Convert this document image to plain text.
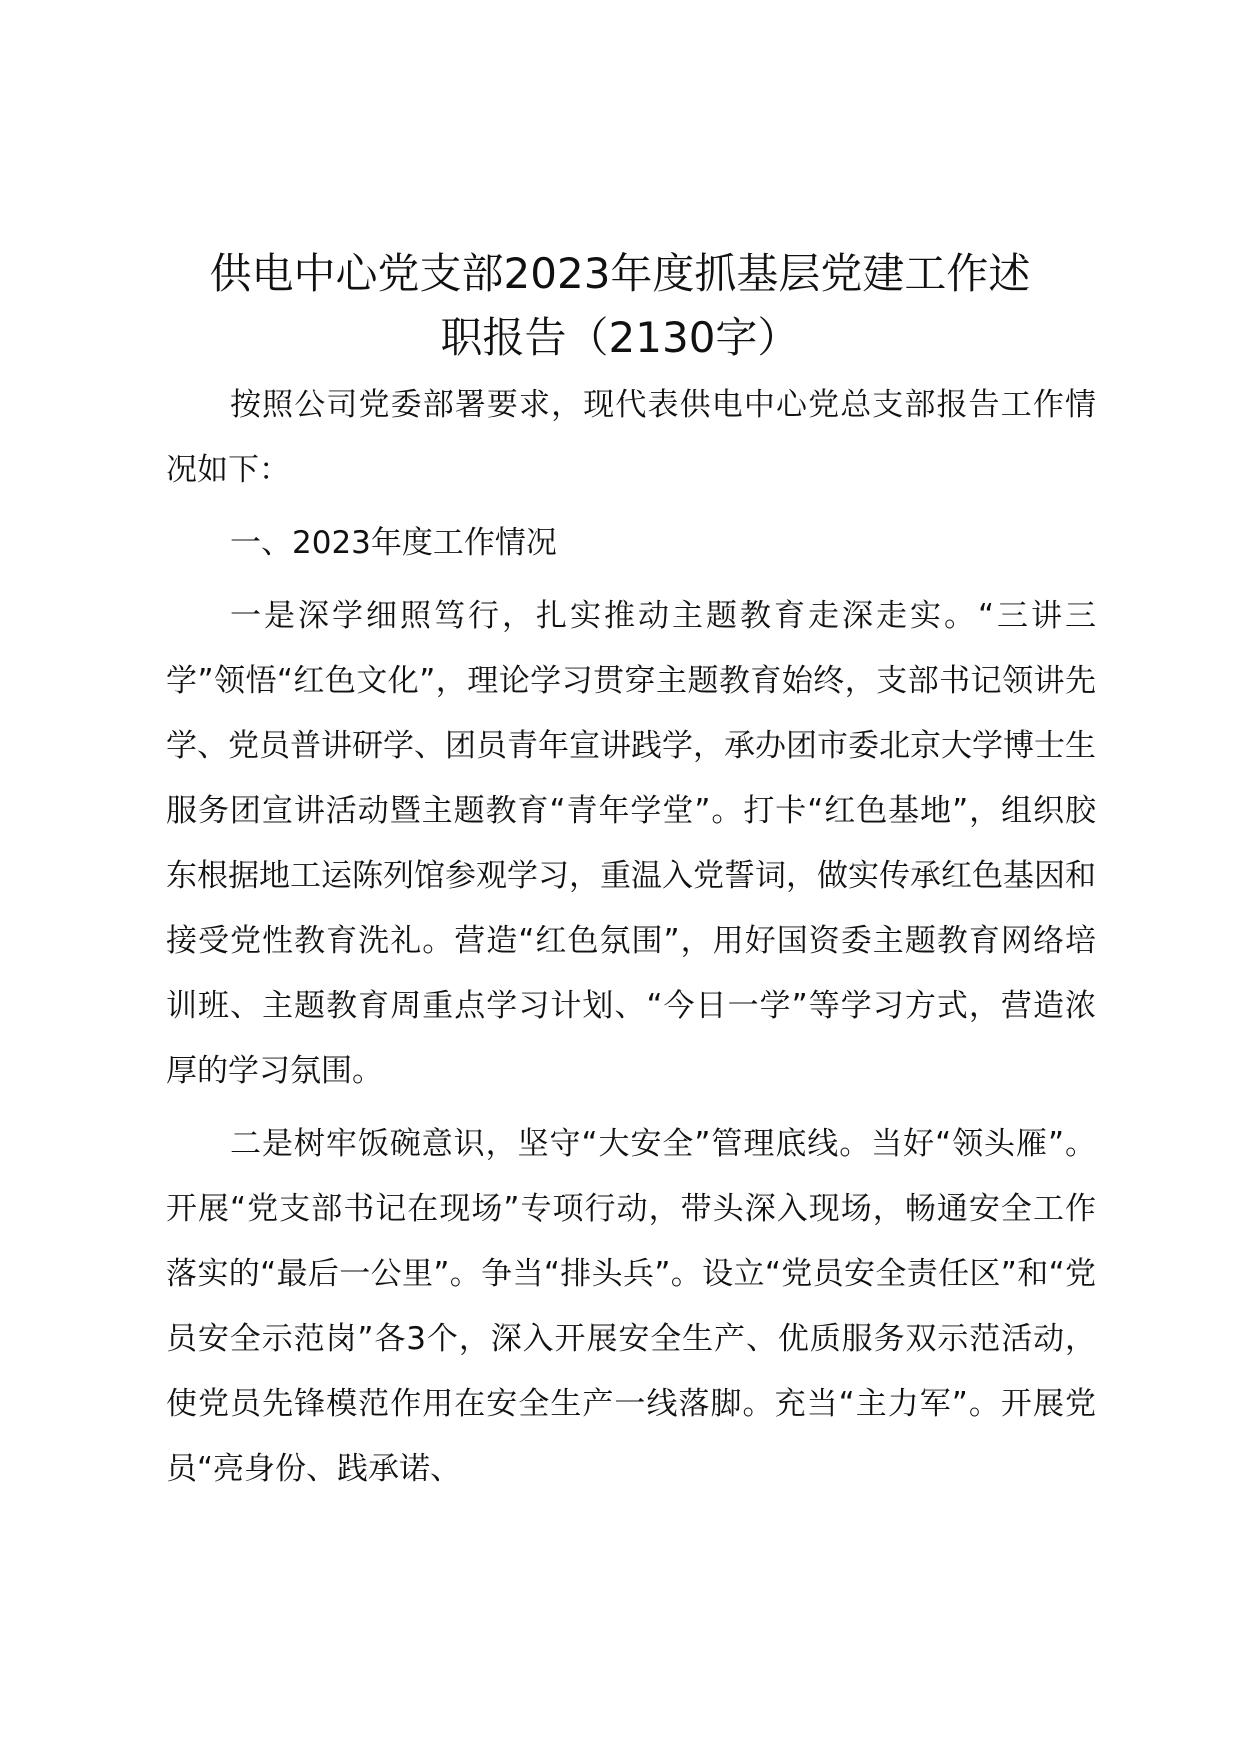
供电中心党支部2023年度抓基层党建工作述
职报告（2130字）

按照公司党委部署要求，现代表供电中心党总支部报告工作情况如下：

一、2023年度工作情况

一是深学细照笃行，扎实推动主题教育走深走实。“三讲三学”领悟“红色文化”，理论学习贯穿主题教育始终，支部书记领讲先学、党员普讲研学、团员青年宣讲践学，承办团市委北京大学博士生服务团宣讲活动暨主题教育“青年学堂”。打卡“红色基地”，组织胶东根据地工运陈列馆参观学习，重温入党誓词，做实传承红色基因和接受党性教育洗礼。营造“红色氛围”，用好国资委主题教育网络培训班、主题教育周重点学习计划、“今日一学”等学习方式，营造浓厚的学习氛围。

二是树牢饭碗意识，坚守“大安全”管理底线。当好“领头雁”。开展“党支部书记在现场”专项行动，带头深入现场，畅通安全工作落实的“最后一公里”。争当“排头兵”。设立“党员安全责任区”和“党员安全示范岗”各3个，深入开展安全生产、优质服务双示范活动，使党员先锋模范作用在安全生产一线落脚。充当“主力军”。开展党员“亮身份、践承诺、
